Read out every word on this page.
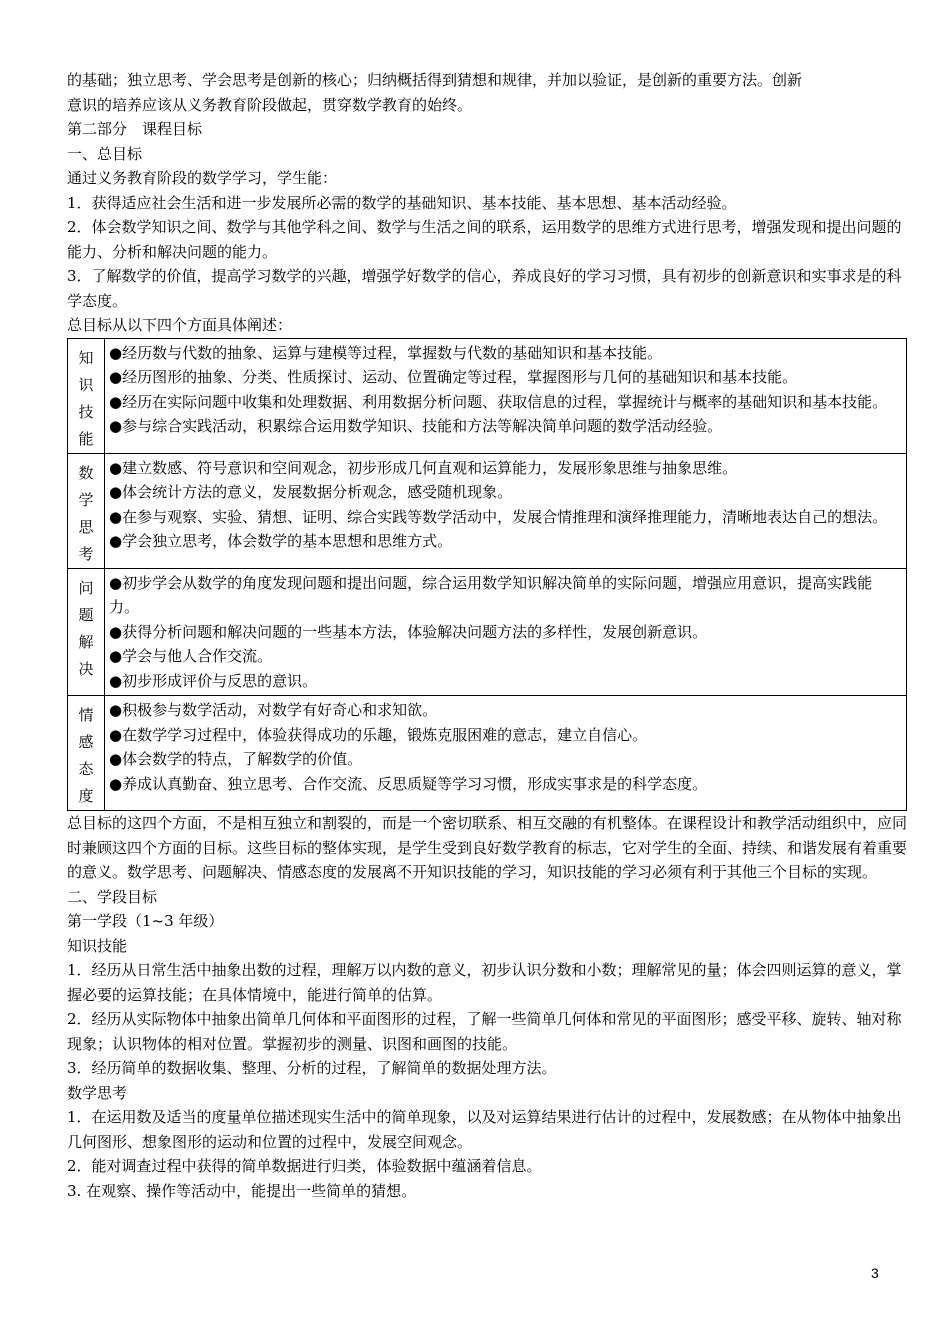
的基础；独立思考、学会思考是创新的核心；归纳概括得到猜想和规律，并加以验证，是创新的重要方法。创新
意识的培养应该从义务教育阶段做起，贯穿数学教育的始终。
第二部分　课程目标
一、总目标
通过义务教育阶段的数学学习，学生能：
1．获得适应社会生活和进一步发展所必需的数学的基础知识、基本技能、基本思想、基本活动经验。
2．体会数学知识之间、数学与其他学科之间、数学与生活之间的联系，运用数学的思维方式进行思考，增强发现和提出问题的能力、分析和解决问题的能力。
3．了解数学的价值，提高学习数学的兴趣，增强学好数学的信心，养成良好的学习习惯，具有初步的创新意识和实事求是的科学态度。
总目标从以下四个方面具体阐述：
知
识
技
能	●经历数与代数的抽象、运算与建模等过程，掌握数与代数的基础知识和基本技能。
●经历图形的抽象、分类、性质探讨、运动、位置确定等过程，掌握图形与几何的基础知识和基本技能。
●经历在实际问题中收集和处理数据、利用数据分析问题、获取信息的过程，掌握统计与概率的基础知识和基本技能。
●参与综合实践活动，积累综合运用数学知识、技能和方法等解决简单问题的数学活动经验。

数
学
思
考	●建立数感、符号意识和空间观念，初步形成几何直观和运算能力，发展形象思维与抽象思维。
●体会统计方法的意义，发展数据分析观念，感受随机现象。
●在参与观察、实验、猜想、证明、综合实践等数学活动中，发展合情推理和演绎推理能力，清晰地表达自己的想法。
●学会独立思考，体会数学的基本思想和思维方式。

问
题
解
决	●初步学会从数学的角度发现问题和提出问题，综合运用数学知识解决简单的实际问题，增强应用意识，提高实践能力。
●获得分析问题和解决问题的一些基本方法，体验解决问题方法的多样性，发展创新意识。
●学会与他人合作交流。
●初步形成评价与反思的意识。

情
感
态
度	●积极参与数学活动，对数学有好奇心和求知欲。
●在数学学习过程中，体验获得成功的乐趣，锻炼克服困难的意志，建立自信心。
●体会数学的特点，了解数学的价值。
●养成认真勤奋、独立思考、合作交流、反思质疑等学习习惯，形成实事求是的科学态度。
总目标的这四个方面，不是相互独立和割裂的，而是一个密切联系、相互交融的有机整体。在课程设计和教学活动组织中，应同时兼顾这四个方面的目标。这些目标的整体实现，是学生受到良好数学教育的标志，它对学生的全面、持续、和谐发展有着重要的意义。数学思考、问题解决、情感态度的发展离不开知识技能的学习，知识技能的学习必须有利于其他三个目标的实现。
二、学段目标
第一学段（1~3 年级）
知识技能
1．经历从日常生活中抽象出数的过程，理解万以内数的意义，初步认识分数和小数；理解常见的量；体会四则运算的意义，掌握必要的运算技能；在具体情境中，能进行简单的估算。
2．经历从实际物体中抽象出简单几何体和平面图形的过程，了解一些简单几何体和常见的平面图形；感受平移、旋转、轴对称现象；认识物体的相对位置。掌握初步的测量、识图和画图的技能。
3．经历简单的数据收集、整理、分析的过程，了解简单的数据处理方法。
数学思考
1．在运用数及适当的度量单位描述现实生活中的简单现象，以及对运算结果进行估计的过程中，发展数感；在从物体中抽象出几何图形、想象图形的运动和位置的过程中，发展空间观念。
2．能对调查过程中获得的简单数据进行归类，体验数据中蕴涵着信息。
3. 在观察、操作等活动中，能提出一些简单的猜想。
3
